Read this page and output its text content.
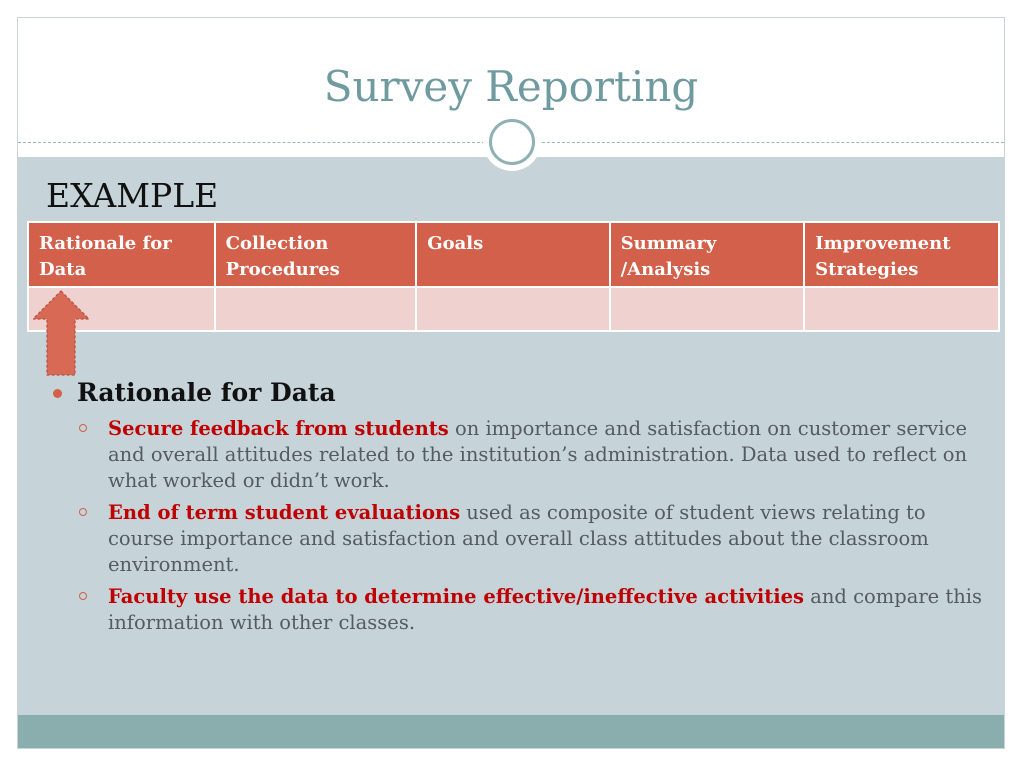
Survey Reporting
EXAMPLE
Rationale for Data	Collection Procedures	Goals	Summary /Analysis	Improvement Strategies

Rationale for Data
Secure feedback from students on importance and satisfaction on customer service and overall attitudes related to the institution’s administration. Data used to reflect on what worked or didn’t work.
End of term student evaluations used as composite of student views relating to course importance and satisfaction and overall class attitudes about the classroom environment.
Faculty use the data to determine effective/ineffective activities and compare this information with other classes.
